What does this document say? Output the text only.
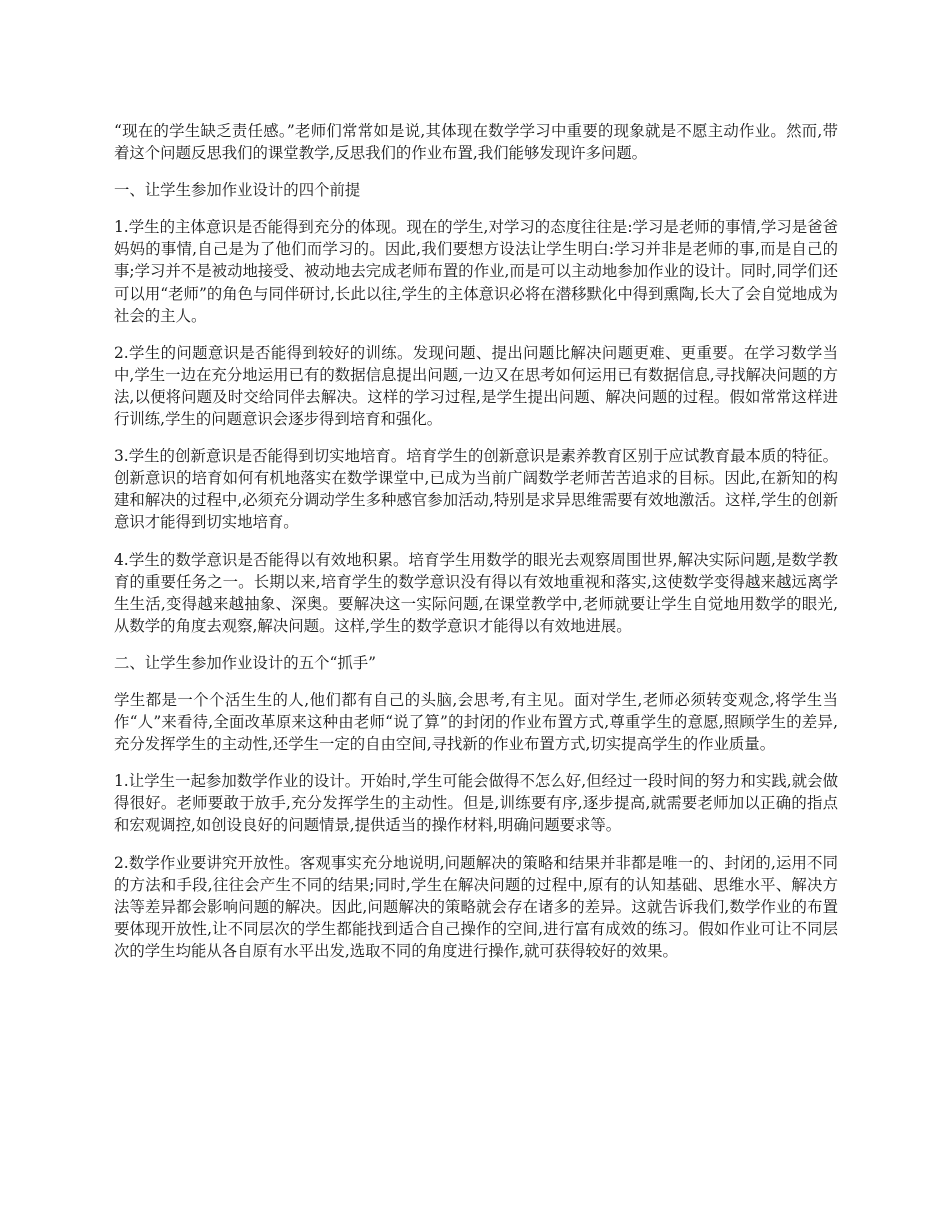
“现在的学生缺乏责任感。”老师们常常如是说,其体现在数学学习中重要的现象就是不愿主动作业。然而,带着这个问题反思我们的课堂教学,反思我们的作业布置,我们能够发现许多问题。

一、让学生参加作业设计的四个前提

1.学生的主体意识是否能得到充分的体现。现在的学生,对学习的态度往往是:学习是老师的事情,学习是爸爸妈妈的事情,自己是为了他们而学习的。因此,我们要想方设法让学生明白:学习并非是老师的事,而是自己的事;学习并不是被动地接受、被动地去完成老师布置的作业,而是可以主动地参加作业的设计。同时,同学们还可以用“老师”的角色与同伴研讨,长此以往,学生的主体意识必将在潜移默化中得到熏陶,长大了会自觉地成为社会的主人。

2.学生的问题意识是否能得到较好的训练。发现问题、提出问题比解决问题更难、更重要。在学习数学当中,学生一边在充分地运用已有的数据信息提出问题,一边又在思考如何运用已有数据信息,寻找解决问题的方法,以便将问题及时交给同伴去解决。这样的学习过程,是学生提出问题、解决问题的过程。假如常常这样进行训练,学生的问题意识会逐步得到培育和强化。

3.学生的创新意识是否能得到切实地培育。培育学生的创新意识是素养教育区别于应试教育最本质的特征。创新意识的培育如何有机地落实在数学课堂中,已成为当前广阔数学老师苦苦追求的目标。因此,在新知的构建和解决的过程中,必须充分调动学生多种感官参加活动,特别是求异思维需要有效地激活。这样,学生的创新意识才能得到切实地培育。

4.学生的数学意识是否能得以有效地积累。培育学生用数学的眼光去观察周围世界,解决实际问题,是数学教育的重要任务之一。长期以来,培育学生的数学意识没有得以有效地重视和落实,这使数学变得越来越远离学生生活,变得越来越抽象、深奥。要解决这一实际问题,在课堂教学中,老师就要让学生自觉地用数学的眼光,从数学的角度去观察,解决问题。这样,学生的数学意识才能得以有效地进展。

二、让学生参加作业设计的五个“抓手”

学生都是一个个活生生的人,他们都有自己的头脑,会思考,有主见。面对学生,老师必须转变观念,将学生当作“人”来看待,全面改革原来这种由老师“说了算”的封闭的作业布置方式,尊重学生的意愿,照顾学生的差异,充分发挥学生的主动性,还学生一定的自由空间,寻找新的作业布置方式,切实提高学生的作业质量。

1.让学生一起参加数学作业的设计。开始时,学生可能会做得不怎么好,但经过一段时间的努力和实践,就会做得很好。老师要敢于放手,充分发挥学生的主动性。但是,训练要有序,逐步提高,就需要老师加以正确的指点和宏观调控,如创设良好的问题情景,提供适当的操作材料,明确问题要求等。

2.数学作业要讲究开放性。客观事实充分地说明,问题解决的策略和结果并非都是唯一的、封闭的,运用不同的方法和手段,往往会产生不同的结果;同时,学生在解决问题的过程中,原有的认知基础、思维水平、解决方法等差异都会影响问题的解决。因此,问题解决的策略就会存在诸多的差异。这就告诉我们,数学作业的布置要体现开放性,让不同层次的学生都能找到适合自己操作的空间,进行富有成效的练习。假如作业可让不同层次的学生均能从各自原有水平出发,选取不同的角度进行操作,就可获得较好的效果。
